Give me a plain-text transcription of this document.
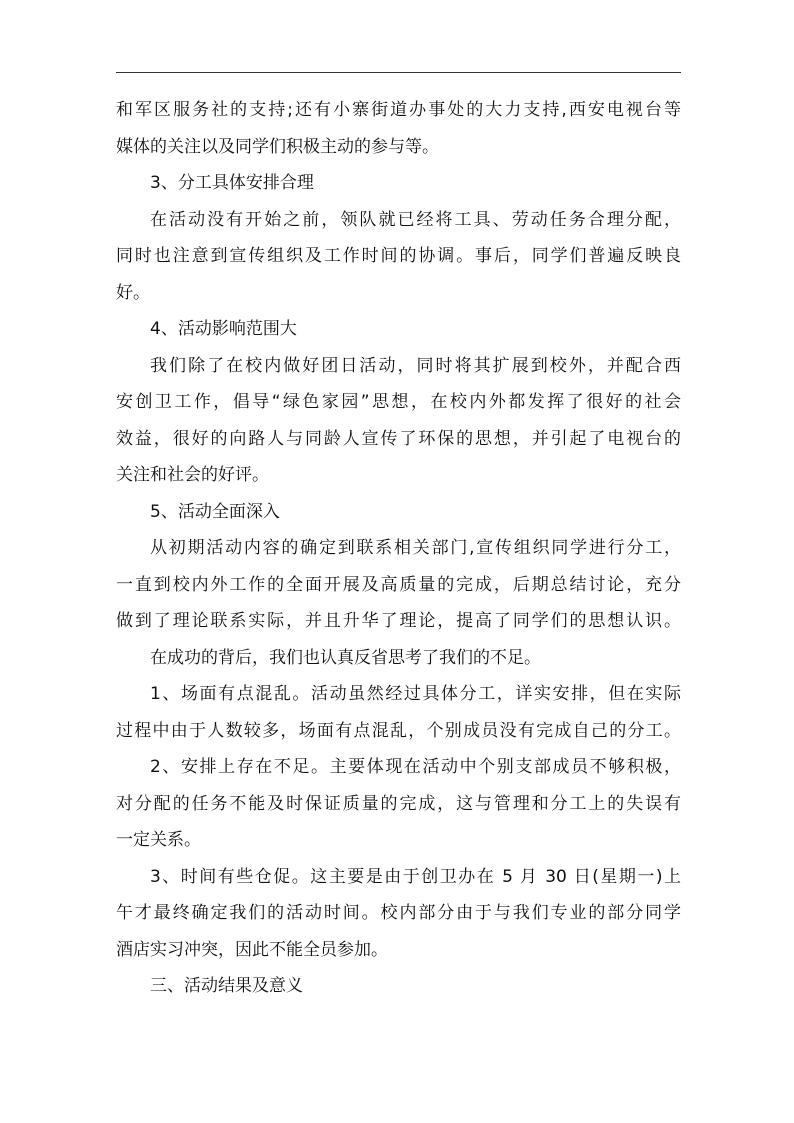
和军区服务社的支持;还有小寨街道办事处的大力支持,西安电视台等
媒体的关注以及同学们积极主动的参与等。
3、分工具体安排合理
在活动没有开始之前，领队就已经将工具、劳动任务合理分配，
同时也注意到宣传组织及工作时间的协调。事后，同学们普遍反映良
好。
4、活动影响范围大
我们除了在校内做好团日活动，同时将其扩展到校外，并配合西
安创卫工作，倡导“绿色家园”思想，在校内外都发挥了很好的社会
效益，很好的向路人与同龄人宣传了环保的思想，并引起了电视台的
关注和社会的好评。
5、活动全面深入
从初期活动内容的确定到联系相关部门,宣传组织同学进行分工，
一直到校内外工作的全面开展及高质量的完成，后期总结讨论，充分
做到了理论联系实际，并且升华了理论，提高了同学们的思想认识。
在成功的背后，我们也认真反省思考了我们的不足。
1、场面有点混乱。活动虽然经过具体分工，详实安排，但在实际
过程中由于人数较多，场面有点混乱，个别成员没有完成自己的分工。
2、安排上存在不足。主要体现在活动中个别支部成员不够积极，
对分配的任务不能及时保证质量的完成，这与管理和分工上的失误有
一定关系。
3、时间有些仓促。这主要是由于创卫办在 5 月 30 日(星期一)上
午才最终确定我们的活动时间。校内部分由于与我们专业的部分同学
酒店实习冲突，因此不能全员参加。
三、活动结果及意义
